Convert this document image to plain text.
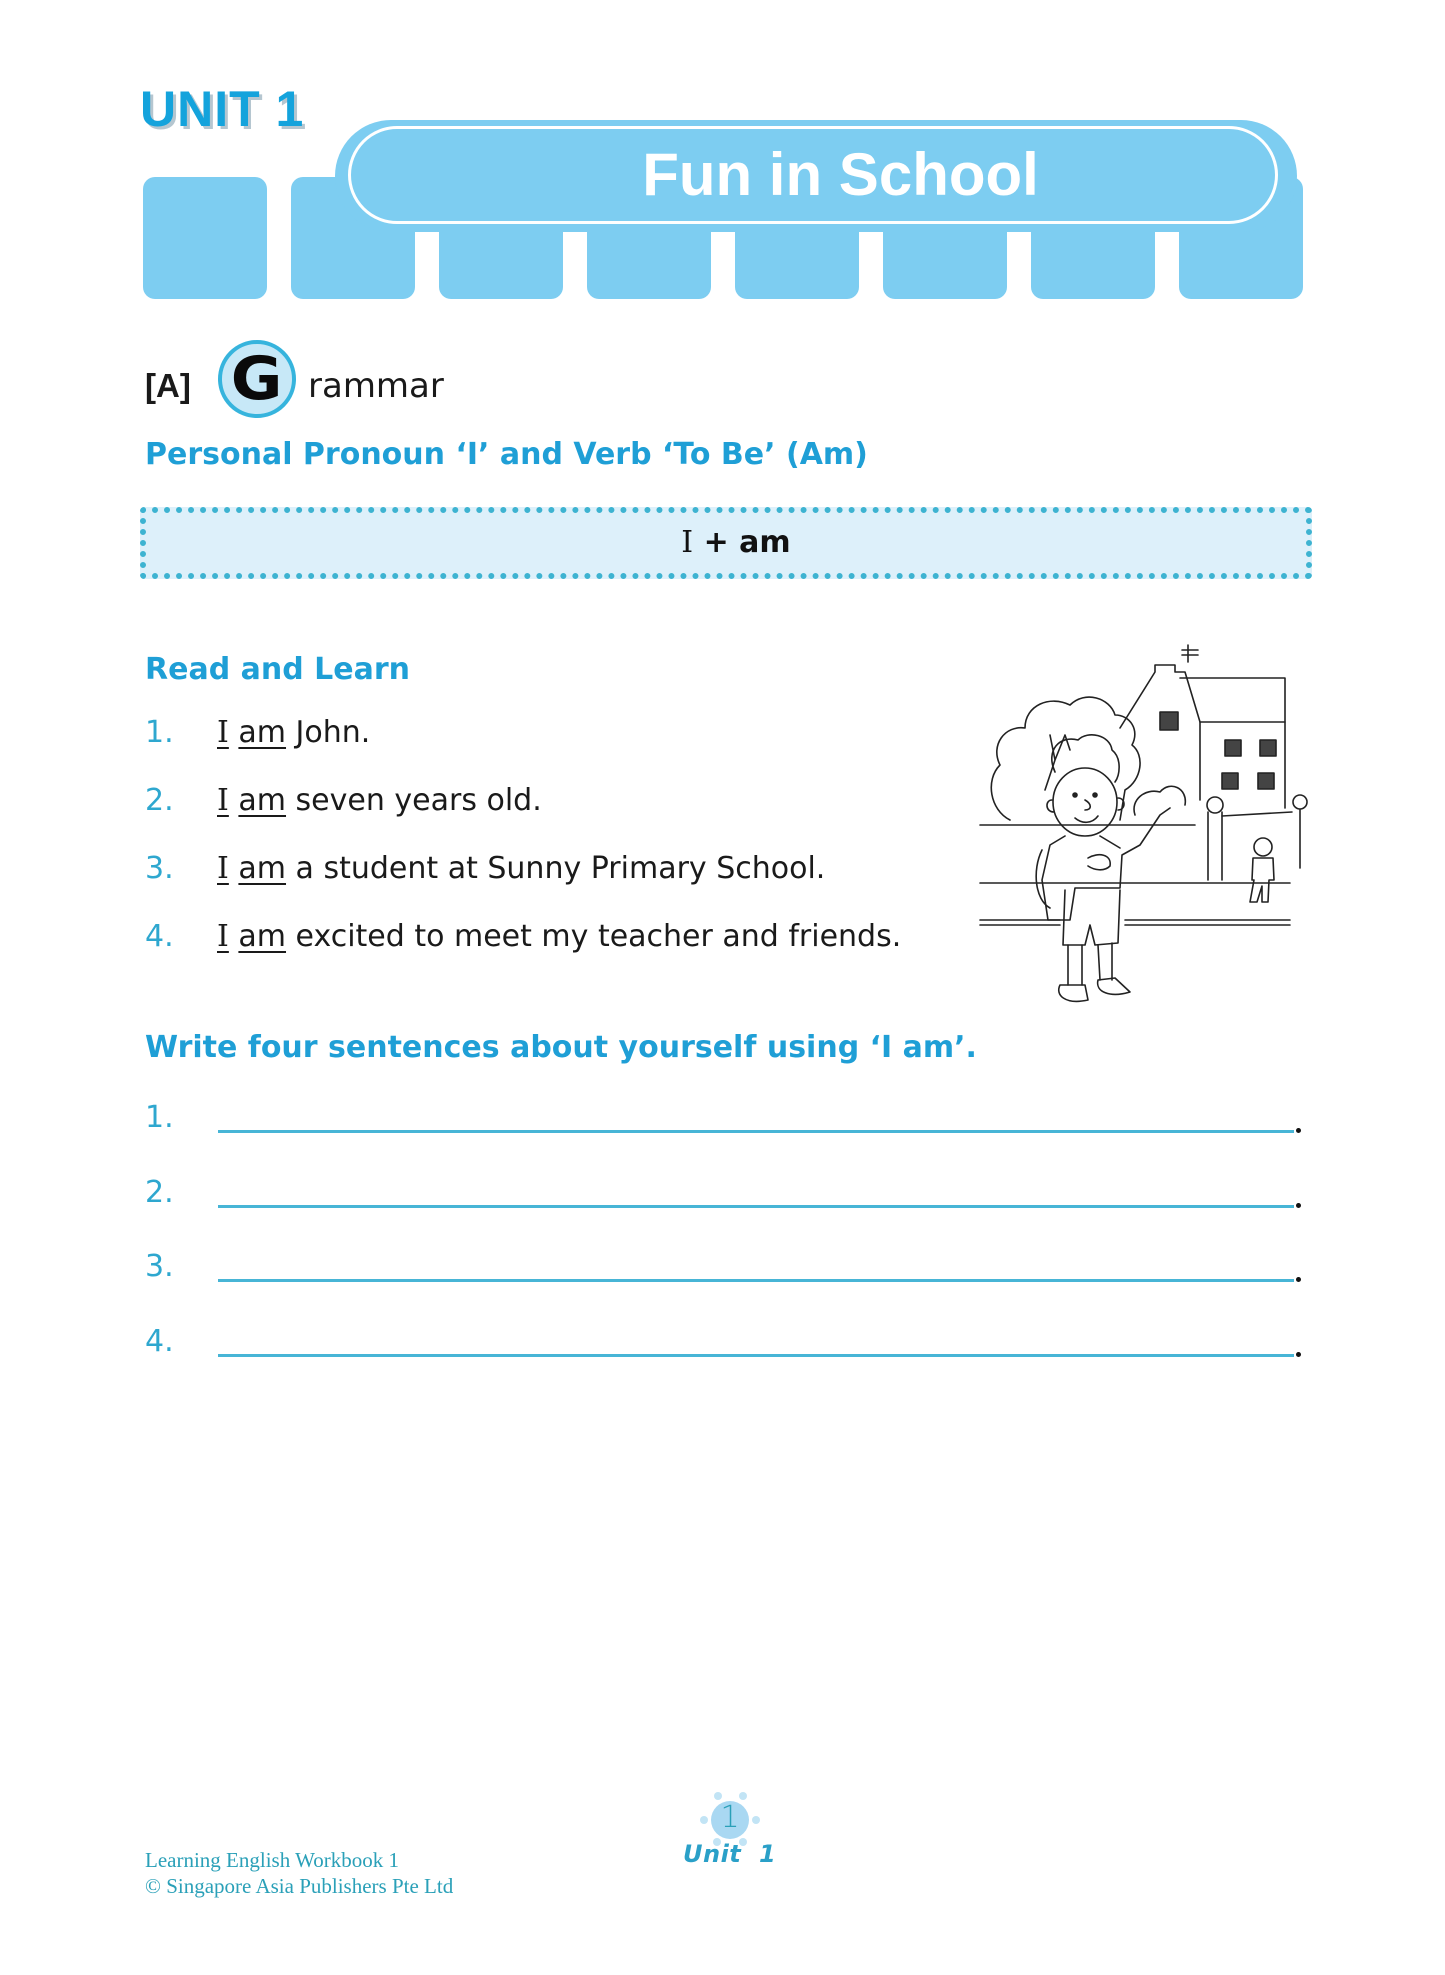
UNIT 1
Fun in School
[A] G rammar
Personal Pronoun ‘I’ and Verb ‘To Be’ (Am)
I + am
Read and Learn
1. I am John.
2. I am seven years old.
3. I am a student at Sunny Primary School.
4. I am excited to meet my teacher and friends.
Write four sentences about yourself using ‘I am’.
1.
2.
3.
4.
Learning English Workbook 1
© Singapore Asia Publishers Pte Ltd
1
Unit  1
